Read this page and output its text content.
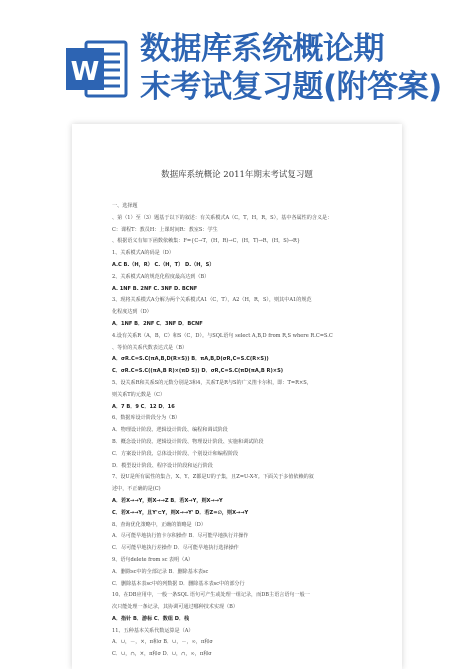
W
数据库系统概论期
末考试复习题(附答案)
数据库系统概论 2011年期末考试复习题
一、选择题
、第（1）至（3）题基于以下的叙述：有关系模式A（C，T，H，R，S），基中各属性的含义是：
C：课程T：教员H：上课时间R：教室S：学生
、根据语义有如下函数依赖集：F={C→T，(H，R)→C，(H，T)→R，(H，S)→R}
1、关系模式A的码是（D）
A.C B.（H，R） C.（H，T） D.（H，S）
2、关系模式A的规范化程度最高达到（B）
A. 1NF B. 2NF C. 3NF D. BCNF
3、现将关系模式A分解为两个关系模式A1（C，T），A2（H，R，S），则其中A1的规范
化程度达到（D）
A．1NF B．2NF C．3NF D．BCNF
4.设有关系R（A，B，C）和S（C，D）。与SQL语句 select A,B,D from R,S where R.C=S.C
、等价的关系代数表达式是（B）
A．σR.C=S.C(πA,B,D(R×S)) B．πA,B,D(σR,C=S.C(R×S))
C．σR.C=S.C((πA,B R)×(πD S)) D．σR,C=S.C(πD(πA,B R)×S)
5、设关系R和关系S的元数分别是3和4，关系T是R与S的广义笛卡尔积，即：T=R×S，
则关系T的元数是（C）
A．7 B．9 C．12 D．16
6、数据库设计阶段分为（B）
A．物理设计阶段、逻辑设计阶段、编程和调试阶段
B．概念设计阶段、逻辑设计阶段、物理设计阶段、实施和调试阶段
C．方案设计阶段、总体设计阶段、个别设计和编程阶段
D．模型设计阶段、程序设计阶段和运行阶段
7、设U是所有属性的集合，X、Y、Z都是U的子集，且Z=U-X-Y。下面关于多值依赖的叙
述中，不正确的是(C)
A．若X→→Y，则X→→Z B．若X→Y，则X→→Y
C．若X→→Y，且Y'⊂Y，则X→→Y' D．若Z=∅，则X→→Y
8、查询优化策略中，正确的策略是（D）
A．尽可能早地执行笛卡尔积操作 B．尽可能早地执行并操作
C．尽可能早地执行差操作 D．尽可能早地执行选择操作
9、语句delete from sc 表明（A）
A．删除sc中的全部记录 B．删除基本表sc
C．删除基本表sc中的列数据 D．删除基本表sc中的部分行
10、在DB应用中，一般一条SQL 语句可产生或处理一组记录，而DB主语言语句一般一
次只能处理一条记录，其协调可通过哪种技术实现（B）
A．指针 B．游标 C．数组 D．栈
11、五种基本关系代数运算是（A）
A．∪，－，×，π和σ B．∪，－，∞，π和σ
C．∪，∩，×，π和σ D．∪，∩，∞，π和σ
